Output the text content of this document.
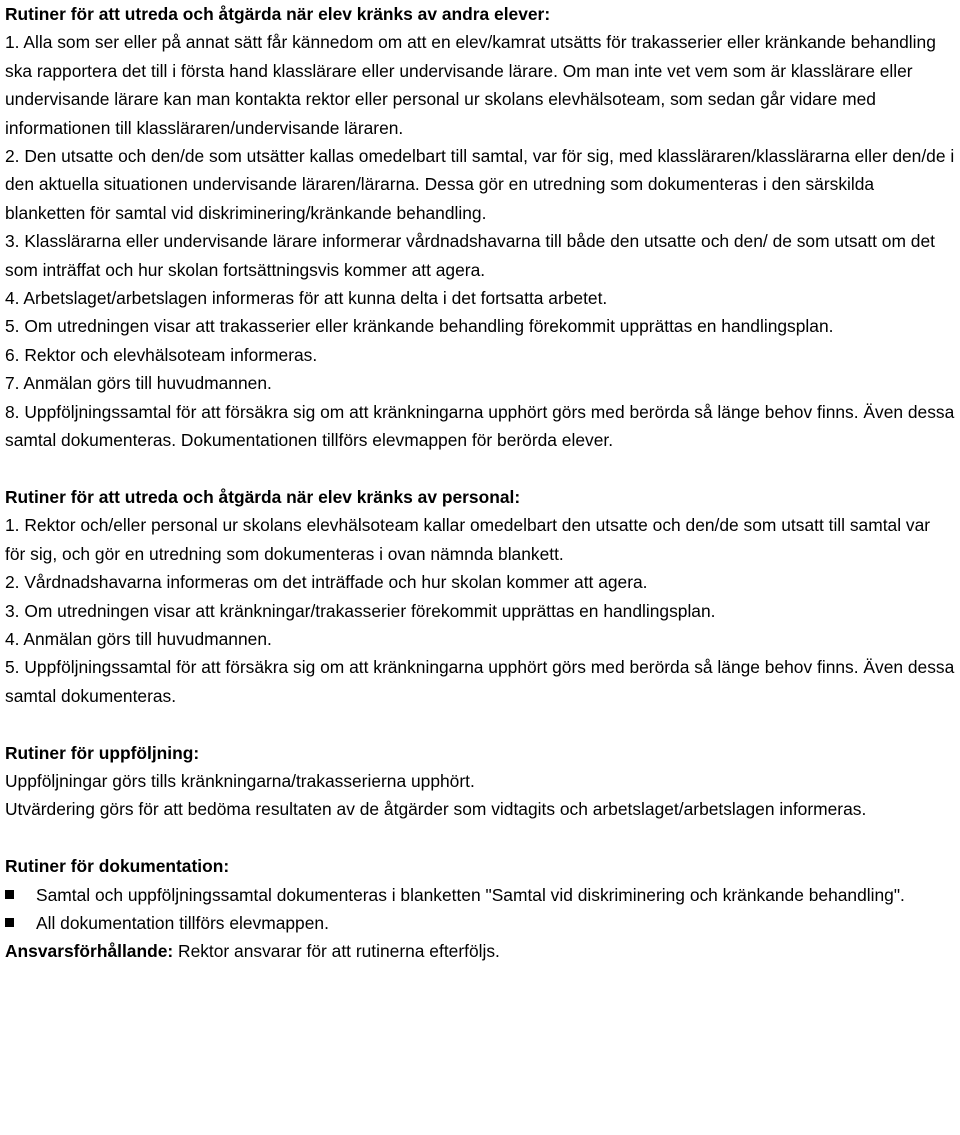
Rutiner för att utreda och åtgärda när elev kränks av andra elever:
1. Alla som ser eller på annat sätt får kännedom om att en elev/kamrat utsätts för trakasserier eller kränkande behandling ska rapportera det till i första hand klasslärare eller undervisande lärare. Om man inte vet vem som är klasslärare eller undervisande lärare kan man kontakta rektor eller personal ur skolans elevhälsoteam, som sedan går vidare med informationen till klassläraren/undervisande läraren.
2. Den utsatte och den/de som utsätter kallas omedelbart till samtal, var för sig, med klassläraren/klasslärarna eller den/de i den aktuella situationen undervisande läraren/lärarna. Dessa gör en utredning som dokumenteras i den särskilda blanketten för samtal vid diskriminering/kränkande behandling.
3. Klasslärarna eller undervisande lärare informerar vårdnadshavarna till både den utsatte och den/ de som utsatt om det som inträffat och hur skolan fortsättningsvis kommer att agera.
4. Arbetslaget/arbetslagen informeras för att kunna delta i det fortsatta arbetet.
5. Om utredningen visar att trakasserier eller kränkande behandling förekommit upprättas en handlingsplan.
6. Rektor och elevhälsoteam informeras.
7. Anmälan görs till huvudmannen.
8. Uppföljningssamtal för att försäkra sig om att kränkningarna upphört görs med berörda så länge behov finns. Även dessa samtal dokumenteras. Dokumentationen tillförs elevmappen för berörda elever.
Rutiner för att utreda och åtgärda när elev kränks av personal:
1. Rektor och/eller personal ur skolans elevhälsoteam kallar omedelbart den utsatte och den/de som utsatt till samtal var för sig, och gör en utredning som dokumenteras i ovan nämnda blankett.
2. Vårdnadshavarna informeras om det inträffade och hur skolan kommer att agera.
3. Om utredningen visar att kränkningar/trakasserier förekommit upprättas en handlingsplan.
4. Anmälan görs till huvudmannen.
5. Uppföljningssamtal för att försäkra sig om att kränkningarna upphört görs med berörda så länge behov finns. Även dessa samtal dokumenteras.
Rutiner för uppföljning:
Uppföljningar görs tills kränkningarna/trakasserierna upphört.
Utvärdering görs för att bedöma resultaten av de åtgärder som vidtagits och arbetslaget/arbetslagen informeras.
Rutiner för dokumentation:
Samtal och uppföljningssamtal dokumenteras i blanketten "Samtal vid diskriminering och kränkande behandling".
All dokumentation tillförs elevmappen.
Ansvarsförhållande: Rektor ansvarar för att rutinerna efterföljs.
